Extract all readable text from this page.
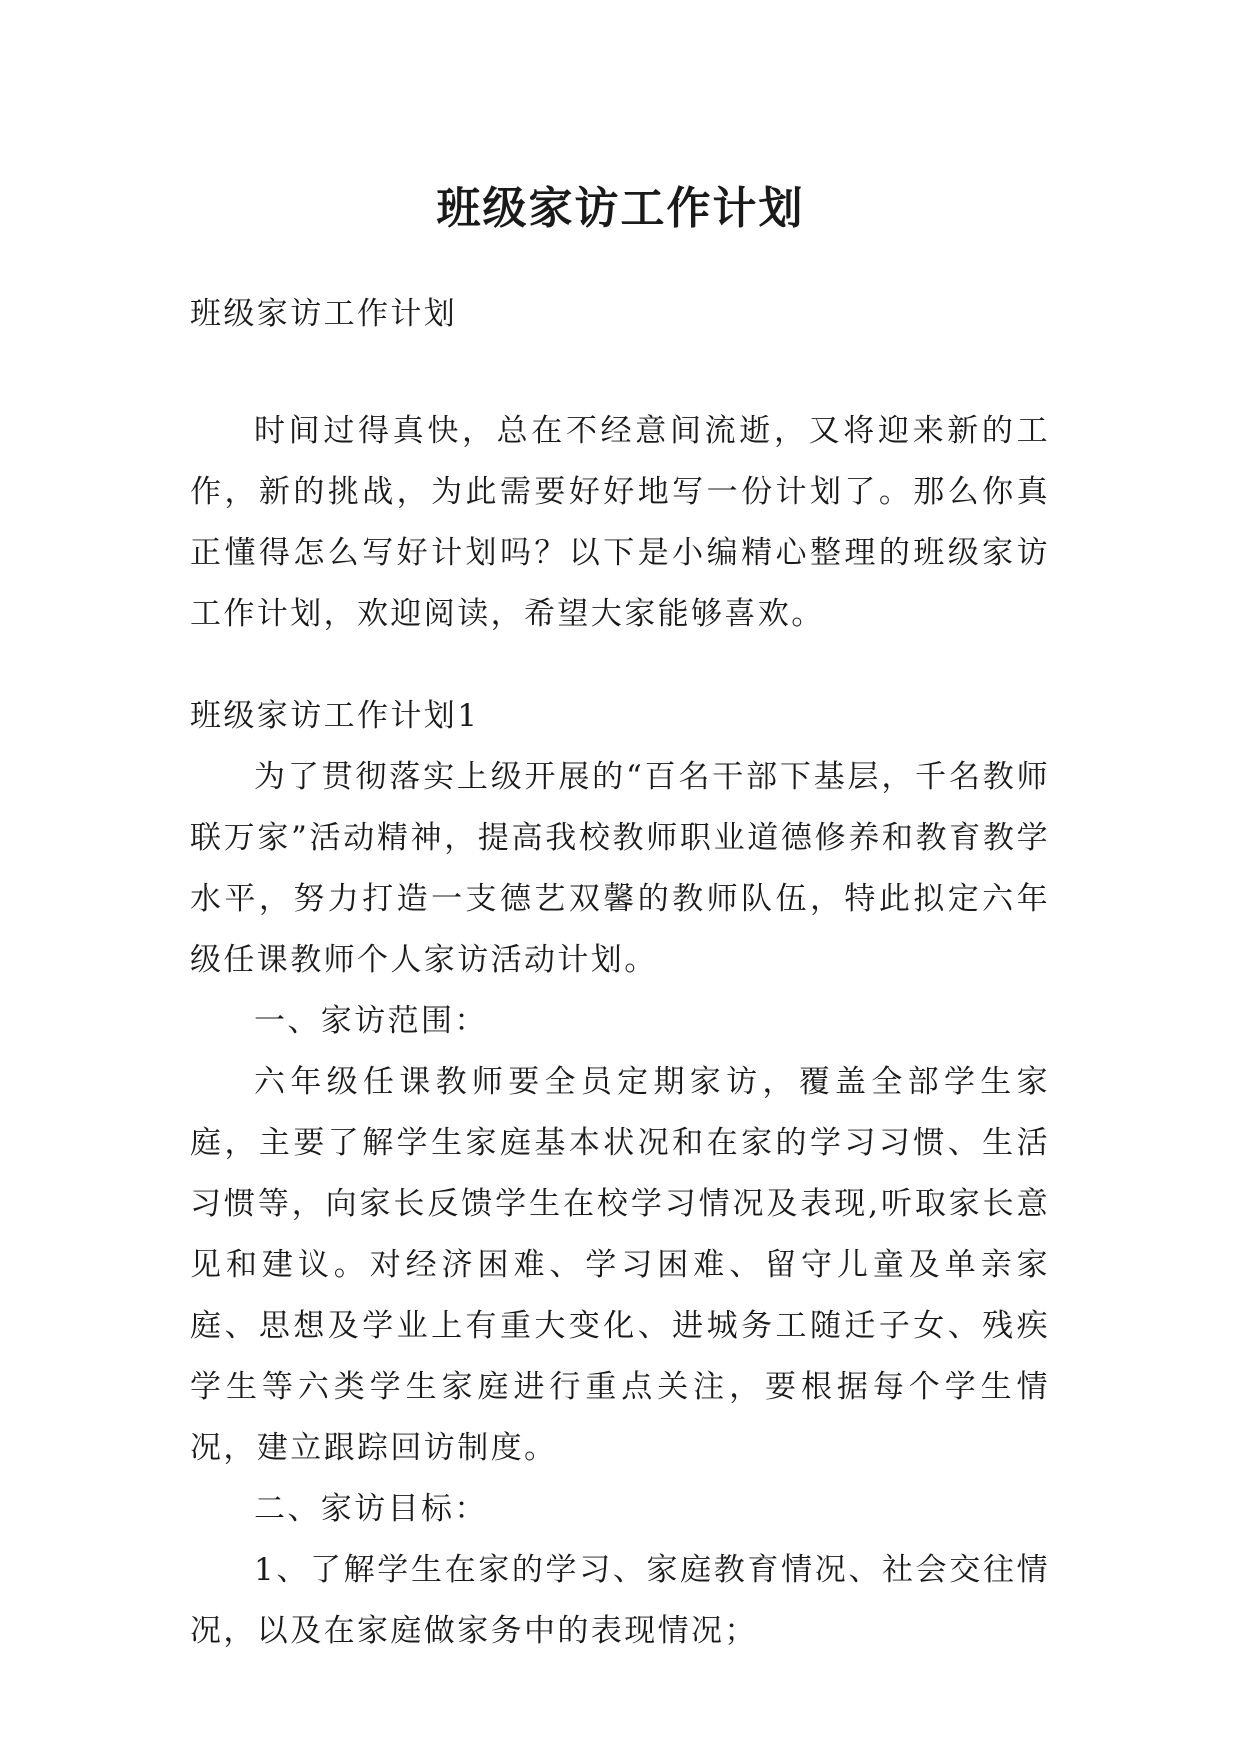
班级家访工作计划

班级家访工作计划

时间过得真快，总在不经意间流逝，又将迎来新的工作，新的挑战，为此需要好好地写一份计划了。那么你真正懂得怎么写好计划吗？以下是小编精心整理的班级家访工作计划，欢迎阅读，希望大家能够喜欢。

班级家访工作计划1

为了贯彻落实上级开展的“百名干部下基层，千名教师联万家”活动精神，提高我校教师职业道德修养和教育教学水平，努力打造一支德艺双馨的教师队伍，特此拟定六年级任课教师个人家访活动计划。

一、家访范围：

六年级任课教师要全员定期家访，覆盖全部学生家庭，主要了解学生家庭基本状况和在家的学习习惯、生活习惯等，向家长反馈学生在校学习情况及表现,听取家长意见和建议。对经济困难、学习困难、留守儿童及单亲家庭、思想及学业上有重大变化、进城务工随迁子女、残疾学生等六类学生家庭进行重点关注，要根据每个学生情况，建立跟踪回访制度。

二、家访目标：

1、了解学生在家的学习、家庭教育情况、社会交往情况，以及在家庭做家务中的表现情况；
